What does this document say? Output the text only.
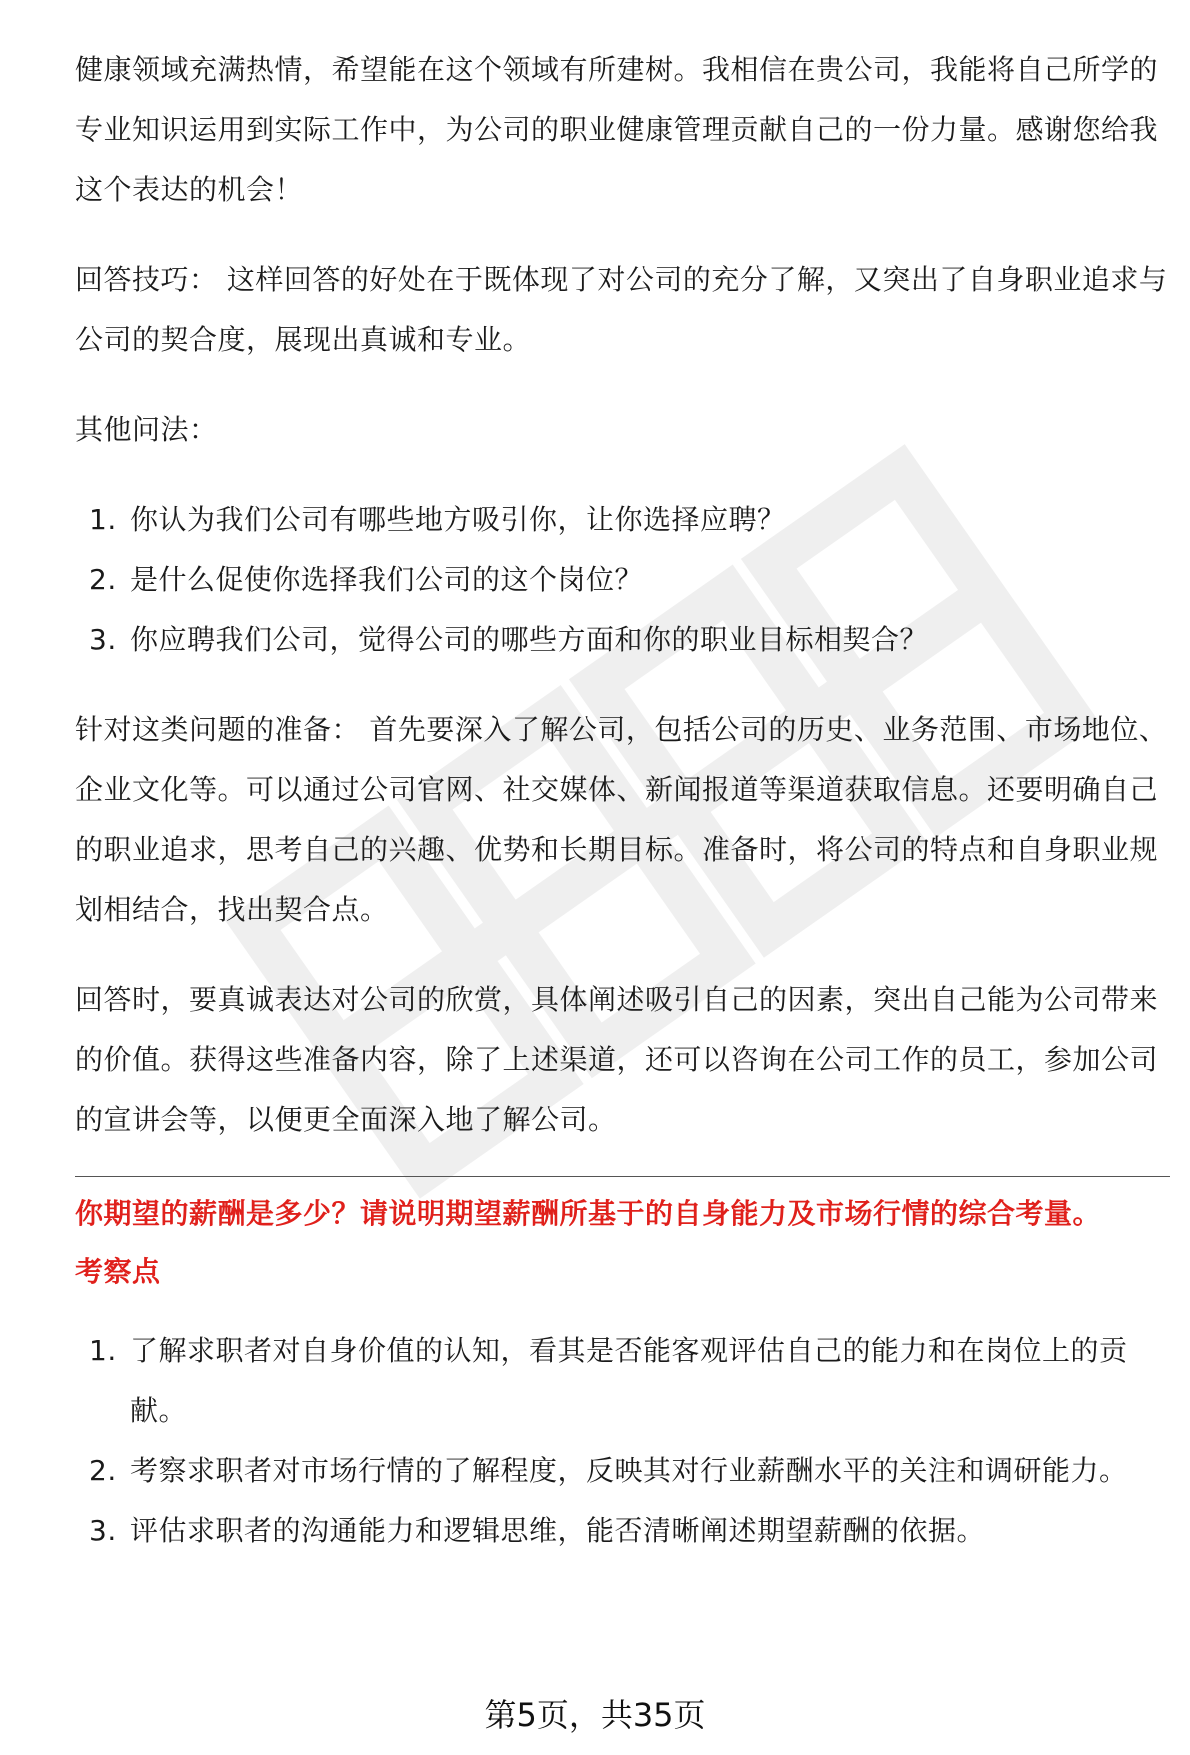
健康领域充满热情，希望能在这个领域有所建树。我相信在贵公司，我能将自己所学的专业知识运用到实际工作中，为公司的职业健康管理贡献自己的一份力量。感谢您给我这个表达的机会！

回答技巧： 这样回答的好处在于既体现了对公司的充分了解，又突出了自身职业追求与公司的契合度，展现出真诚和专业。

其他问法：

1. 你认为我们公司有哪些地方吸引你，让你选择应聘？
2. 是什么促使你选择我们公司的这个岗位？
3. 你应聘我们公司，觉得公司的哪些方面和你的职业目标相契合？

针对这类问题的准备： 首先要深入了解公司，包括公司的历史、业务范围、市场地位、企业文化等。可以通过公司官网、社交媒体、新闻报道等渠道获取信息。还要明确自己的职业追求，思考自己的兴趣、优势和长期目标。准备时，将公司的特点和自身职业规划相结合，找出契合点。

回答时，要真诚表达对公司的欣赏，具体阐述吸引自己的因素，突出自己能为公司带来的价值。获得这些准备内容，除了上述渠道，还可以咨询在公司工作的员工，参加公司的宣讲会等，以便更全面深入地了解公司。

你期望的薪酬是多少？请说明期望薪酬所基于的自身能力及市场行情的综合考量。

考察点

1. 了解求职者对自身价值的认知，看其是否能客观评估自己的能力和在岗位上的贡献。
2. 考察求职者对市场行情的了解程度，反映其对行业薪酬水平的关注和调研能力。
3. 评估求职者的沟通能力和逻辑思维，能否清晰阐述期望薪酬的依据。
第5页，共35页
